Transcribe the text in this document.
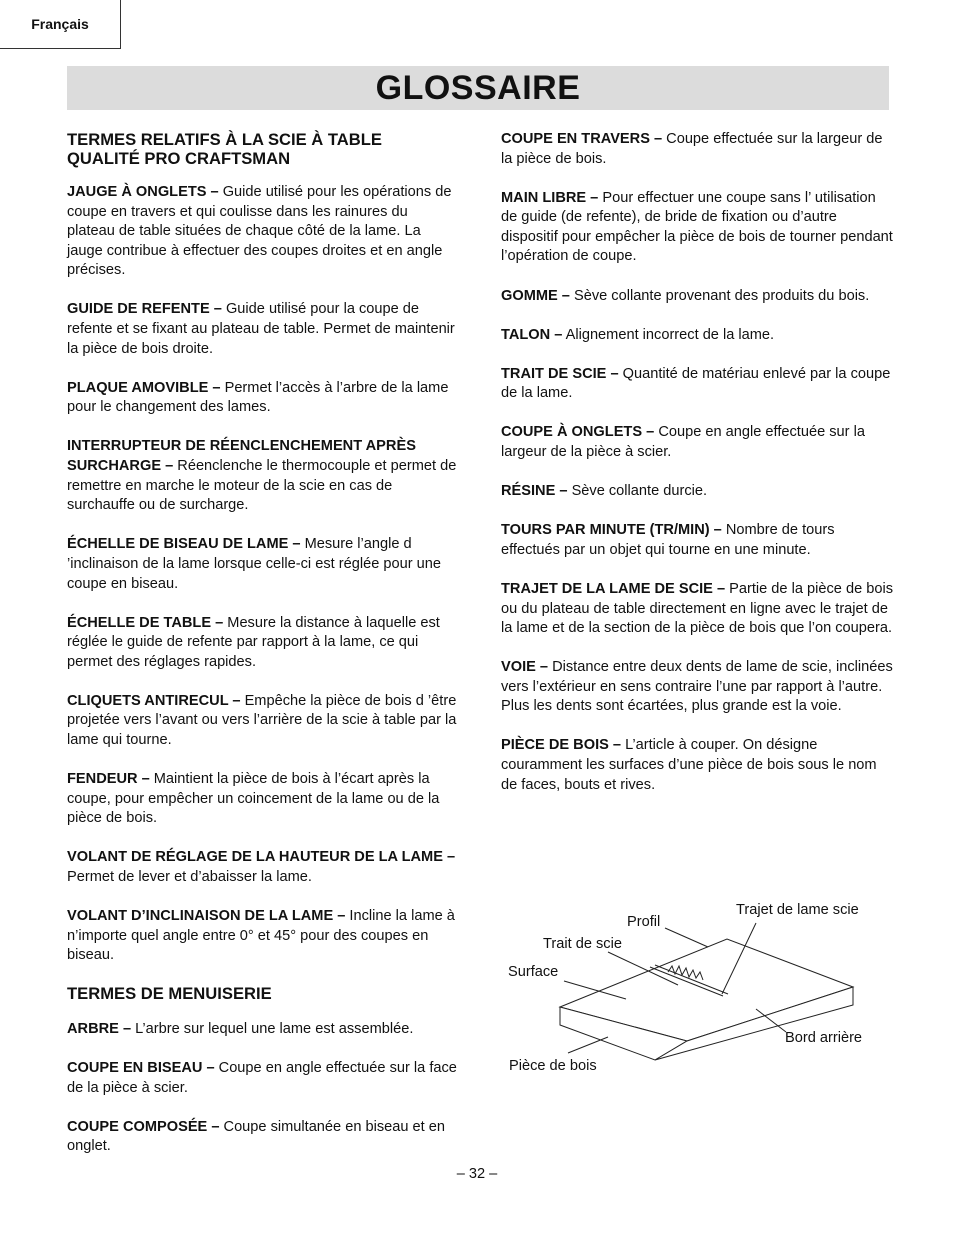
Français
GLOSSAIRE
TERMES RELATIFS À LA SCIE À TABLE QUALITÉ PRO CRAFTSMAN

JAUGE À ONGLETS – Guide utilisé pour les opérations de coupe en travers et qui coulisse dans les rainures du plateau de table situées de chaque côté de la lame. La jauge contribue à effectuer des coupes droites et en angle précises.

GUIDE DE REFENTE – Guide utilisé pour la coupe de refente et se fixant au plateau de table. Permet de maintenir la pièce de bois droite.

PLAQUE AMOVIBLE – Permet l’accès à l’arbre de la lame pour le changement des lames.

INTERRUPTEUR DE RÉENCLENCHEMENT APRÈS SURCHARGE – Réenclenche le thermocouple et permet de remettre en marche le moteur de la scie en cas de surchauffe ou de surcharge.

ÉCHELLE DE BISEAU DE LAME – Mesure l’angle d ’inclinaison de la lame lorsque celle-ci est réglée pour une coupe en biseau.

ÉCHELLE DE TABLE – Mesure la distance à laquelle est réglée le guide de refente par rapport à la lame, ce qui permet des réglages rapides.

CLIQUETS ANTIRECUL – Empêche la pièce de bois d ’être projetée vers l’avant ou vers l’arrière de la scie à table par la lame qui tourne.

FENDEUR – Maintient la pièce de bois à l’écart après la coupe, pour empêcher un coincement de la lame ou de la pièce de bois.

VOLANT DE RÉGLAGE DE LA HAUTEUR DE LA LAME – Permet de lever et d’abaisser la lame.

VOLANT D’INCLINAISON DE LA LAME – Incline la lame à n’importe quel angle entre 0° et 45° pour des coupes en biseau.

TERMES DE MENUISERIE

ARBRE – L’arbre sur lequel une lame est assemblée.

COUPE EN BISEAU – Coupe en angle effectuée sur la face de la pièce à scier.

COUPE COMPOSÉE – Coupe simultanée en biseau et en onglet.

COUPE EN TRAVERS – Coupe effectuée sur la largeur de la pièce de bois.

MAIN LIBRE – Pour effectuer une coupe sans l’ utilisation de guide (de refente), de bride de fixation ou d’autre dispositif pour empêcher la pièce de bois de tourner pendant l’opération de coupe.

GOMME – Sève collante provenant des produits du bois.

TALON – Alignement incorrect de la lame.

TRAIT DE SCIE – Quantité de matériau enlevé par la coupe de la lame.

COUPE À ONGLETS – Coupe en angle effectuée sur la largeur de la pièce à scier.

RÉSINE – Sève collante durcie.

TOURS PAR MINUTE (TR/MIN) – Nombre de tours effectués par un objet qui tourne en une minute.

TRAJET DE LA LAME DE SCIE – Partie de la pièce de bois ou du plateau de table directement en ligne avec le trajet de la lame et de la section de la pièce de bois que l’on coupera.

VOIE – Distance entre deux dents de lame de scie, inclinées vers l’extérieur en sens contraire l’une par rapport à l’autre. Plus les dents sont écartées, plus grande est la voie.

PIÈCE DE BOIS – L’article à couper. On désigne couramment les surfaces d’une pièce de bois sous le nom de faces, bouts et rives.

Trajet de lame scie
Profil
Trait de scie
Surface
Bord arrière
Pièce de bois
– 32 –
